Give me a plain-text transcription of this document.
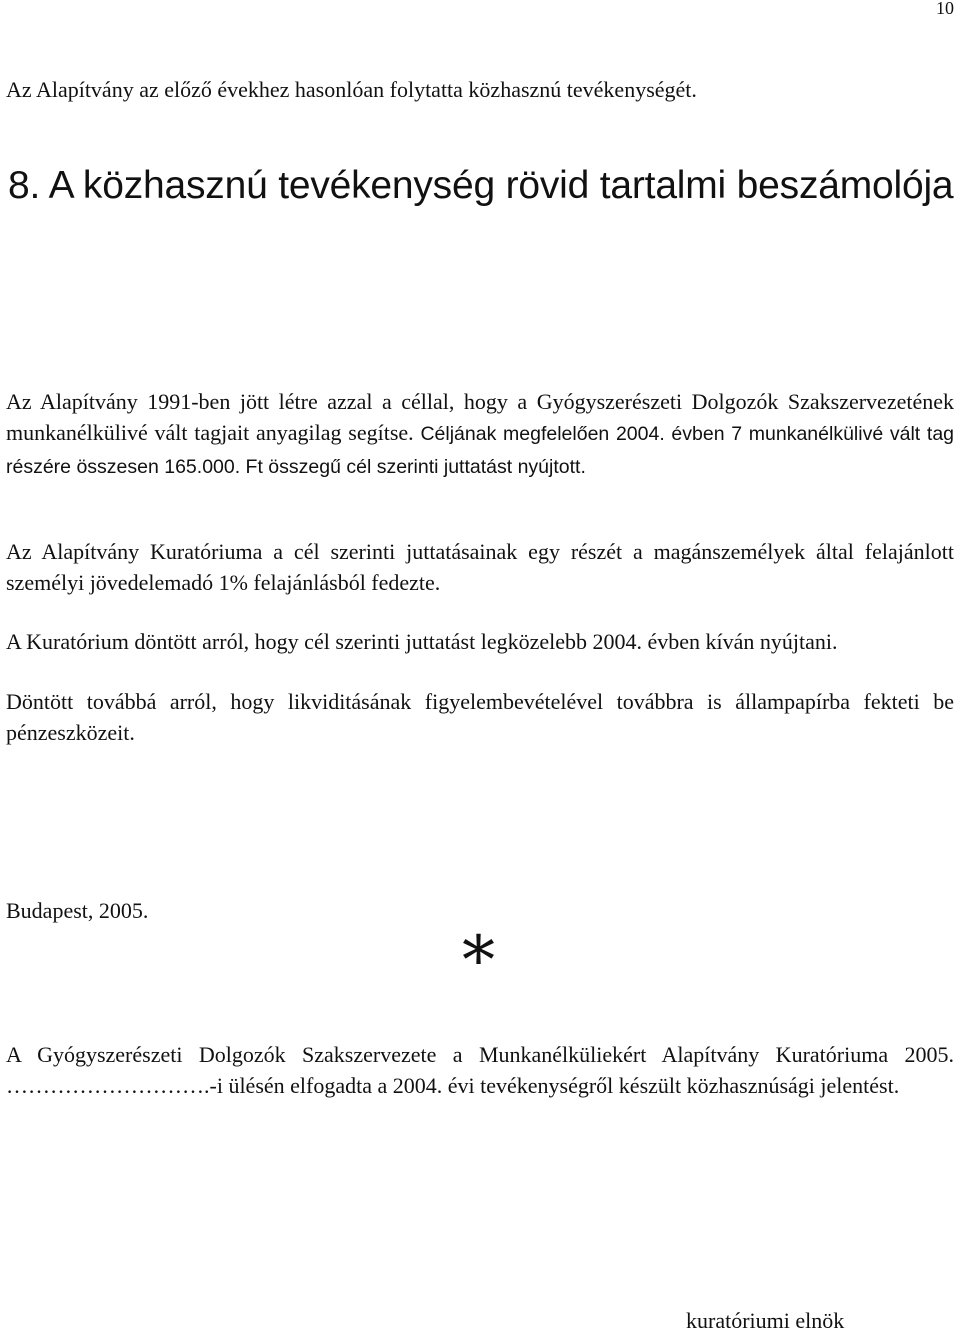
10
8. A közhasznú tevékenység rövid tartalmi beszámolója

Az Alapítvány az előző évekhez hasonlóan folytatta közhasznú tevékenységét.

Az Alapítvány 1991-ben jött létre azzal a céllal, hogy a Gyógyszerészeti Dolgozók Szakszervezetének munkanélkülivé vált tagjait anyagilag segítse. Céljának megfelelően 2004. évben 7 munkanélkülivé vált tag részére összesen 165.000. Ft összegű cél szerinti juttatást nyújtott.

Az Alapítvány Kuratóriuma a cél szerinti juttatásainak egy részét a magánszemélyek által felajánlott személyi jövedelemadó 1% felajánlásból fedezte.

A Kuratórium döntött arról, hogy cél szerinti juttatást legközelebb 2004. évben kíván nyújtani.

Döntött továbbá arról, hogy likviditásának figyelembevételével továbbra is állampapírba fekteti be pénzeszközeit.

Budapest, 2005.
*

A Gyógyszerészeti Dolgozók Szakszervezete a Munkanélküliekért Alapítvány Kuratóriuma 2005. ……………………….-i ülésén elfogadta a 2004. évi tevékenységről készült közhasznúsági jelentést.

kuratóriumi elnök
